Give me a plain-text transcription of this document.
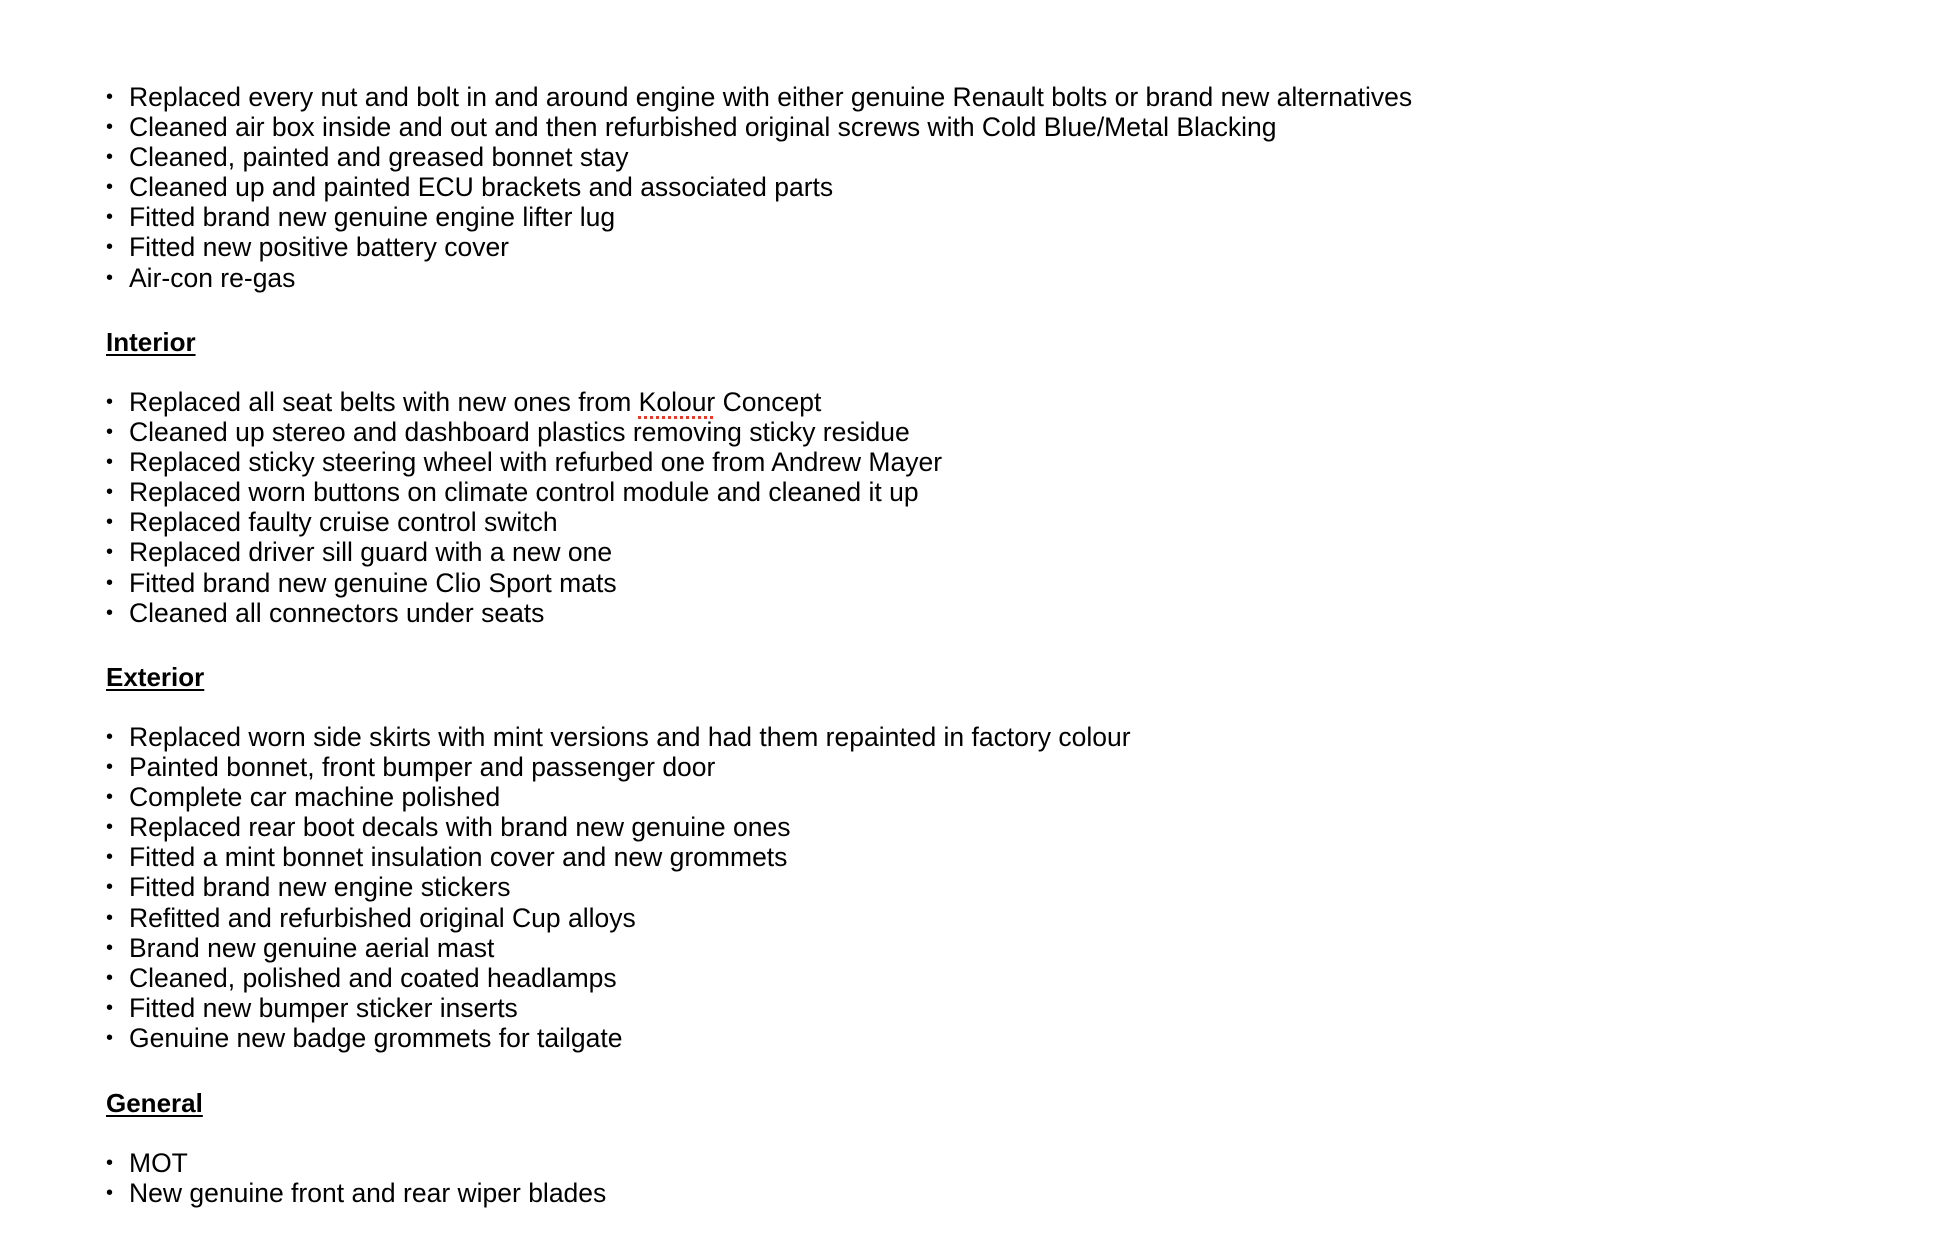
• Replaced every nut and bolt in and around engine with either genuine Renault bolts or brand new alternatives
• Cleaned air box inside and out and then refurbished original screws with Cold Blue/Metal Blacking
• Cleaned, painted and greased bonnet stay
• Cleaned up and painted ECU brackets and associated parts
• Fitted brand new genuine engine lifter lug
• Fitted new positive battery cover
• Air-con re-gas
Interior
• Replaced all seat belts with new ones from Kolour Concept
• Cleaned up stereo and dashboard plastics removing sticky residue
• Replaced sticky steering wheel with refurbed one from Andrew Mayer
• Replaced worn buttons on climate control module and cleaned it up
• Replaced faulty cruise control switch
• Replaced driver sill guard with a new one
• Fitted brand new genuine Clio Sport mats
• Cleaned all connectors under seats
Exterior
• Replaced worn side skirts with mint versions and had them repainted in factory colour
• Painted bonnet, front bumper and passenger door
• Complete car machine polished
• Replaced rear boot decals with brand new genuine ones
• Fitted a mint bonnet insulation cover and new grommets
• Fitted brand new engine stickers
• Refitted and refurbished original Cup alloys
• Brand new genuine aerial mast
• Cleaned, polished and coated headlamps
• Fitted new bumper sticker inserts
• Genuine new badge grommets for tailgate
General
• MOT
• New genuine front and rear wiper blades
